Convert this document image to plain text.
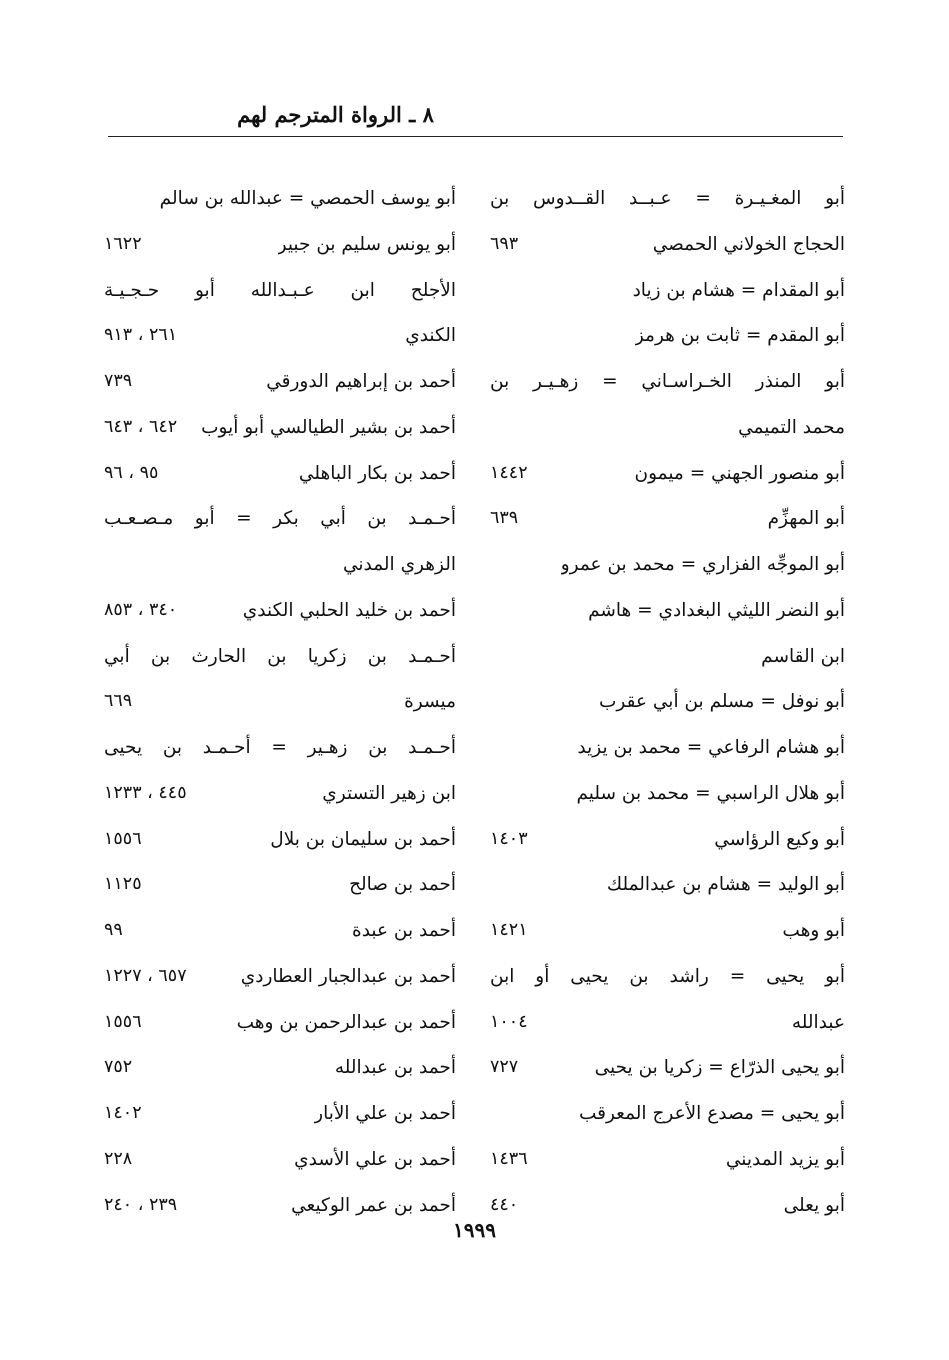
٨ ـ الرواة المترجم لهم
أبو المغـيـرة = عـبــد القــدوس بن
الحجاج الخولاني الحمصي
٦٩٣
أبو المقدام = هشام بن زياد
أبو المقدم = ثابت بن هرمز
أبو المنذر الخـراسـاني = زهـيـر بن
محمد التميمي
أبو منصور الجهني = ميمون
١٤٤٢
أبو المهزِّم
٦٣٩
أبو الموجِّه الفزاري = محمد بن عمرو
أبو النضر الليثي البغدادي = هاشم
ابن القاسم
أبو نوفل = مسلم بن أبي عقرب
أبو هشام الرفاعي = محمد بن يزيد
أبو هلال الراسبي = محمد بن سليم
أبو وكيع الرؤاسي
١٤٠٣
أبو الوليد = هشام بن عبدالملك
أبو وهب
١٤٢١
أبو يحيى = راشد بن يحيى أو ابن
عبدالله
١٠٠٤
أبو يحيى الذرّاع = زكريا بن يحيى
٧٢٧
أبو يحيى = مصدع الأعرج المعرقب
أبو يزيد المديني
١٤٣٦
أبو يعلى
٤٤٠
أبو يوسف الحمصي = عبدالله بن سالم
أبو يونس سليم بن جبير
١٦٢٢
الأجلح ابن عـبـدالله أبو حـجـيـة
الكندي
٢٦١ ، ٩١٣
أحمد بن إبراهيم الدورقي
٧٣٩
أحمد بن بشير الطيالسي أبو أيوب
٦٤٢ ، ٦٤٣
أحمد بن بكار الباهلي
٩٥ ، ٩٦
أحـمـد بن أبي بكر = أبو مـصـعـب
الزهري المدني
أحمد بن خليد الحلبي الكندي
٣٤٠ ، ٨٥٣
أحـمـد بن زكريا بن الحارث بن أبي
ميسرة
٦٦٩
أحـمـد بن زهـير = أحـمـد بن يحيى
ابن زهير التستري
٤٤٥ ، ١٢٣٣
أحمد بن سليمان بن بلال
١٥٥٦
أحمد بن صالح
١١٢٥
أحمد بن عبدة
٩٩
أحمد بن عبدالجبار العطاردي
٦٥٧ ، ١٢٢٧
أحمد بن عبدالرحمن بن وهب
١٥٥٦
أحمد بن عبدالله
٧٥٢
أحمد بن علي الأبار
١٤٠٢
أحمد بن علي الأسدي
٢٢٨
أحمد بن عمر الوكيعي
٢٣٩ ، ٢٤٠
١٩٩٩
